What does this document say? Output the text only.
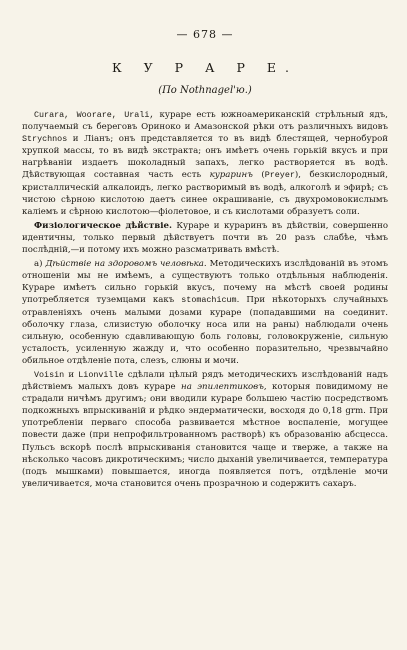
— 678 —
К У Р А Р Е.
(По Nothnagel'ю.)

Curara, Woorare, Urali, кураре есть южноамериканскій стрѣльный ядъ, получаемый съ береговъ Ориноко и Амазонской рѣки отъ различныхъ видовъ Strychnos и Ліанъ; онъ представляется то въ видѣ блестящей, чернобурой хрупкой массы, то въ видѣ экстракта; онъ имѣетъ очень горькій вкусъ и при нагрѣваніи издаетъ шоколадный запахъ, легко растворяется въ водѣ. Дѣйствующая составная часть есть кураринъ (Preyer), безкислородный, кристаллическій алкалоидъ, легко растворимый въ водѣ, алкоголѣ и эфирѣ; съ чистою сѣрною кислотою даетъ синее окрашиваніе, съ двухромовокислымъ каліемъ и сѣрною кислотою—фіолетовое, и съ кислотами образуетъ соли.

Физіологическое дѣйствіе. Кураре и кураринъ въ дѣйствіи, совершенно идентичны, только первый дѣйствуетъ почти въ 20 разъ слабѣе, чѣмъ послѣдній,—и потому ихъ можно разсматривать вмѣстѣ.

а) Дѣйствіе на здоровомъ человѣка. Методическихъ изслѣдованій въ этомъ отношеніи мы не имѣемъ, а существуютъ только отдѣльныя наблюденія. Кураре имѣетъ сильно горькій вкусъ, почему на мѣстѣ своей родины употребляется туземцами какъ stomachicum. При нѣкоторыхъ случайныхъ отравленіяхъ очень малыми дозами кураре (попадавшими на соединит. оболочку глаза, слизистую оболочку носа или на раны) наблюдали очень сильную, особенную сдавливающую боль головы, головокруженіе, сильную усталость, усиленную жажду и, что особенно поразительно, чрезвычайно обильное отдѣленіе пота, слезъ, слюны и мочи.

Voisin и Lionville сдѣлали цѣлый рядъ методическихъ изслѣдованій надъ дѣйствіемъ малыхъ довъ кураре на эпилептиковъ, которыя повидимому не страдали ничѣмъ другимъ; они вводили кураре большею частію посредствомъ подкожныхъ впрыскиваній и рѣдко эндерматически, восходя до 0,18 grm. При употребленіи перваго способа развивается мѣстное воспаленіе, могущее повести даже (при непрофильтрованномъ растворѣ) къ образованію абсцесса. Пульсъ вскорѣ послѣ впрыскиванія становится чаще и тверже, а также на нѣсколько часовъ дикротическимъ; число дыханій увеличивается, температура (подъ мышками) повышается, иногда появляется потъ, отдѣленіе мочи увеличивается, моча становится очень прозрачною и содержитъ сахаръ.
